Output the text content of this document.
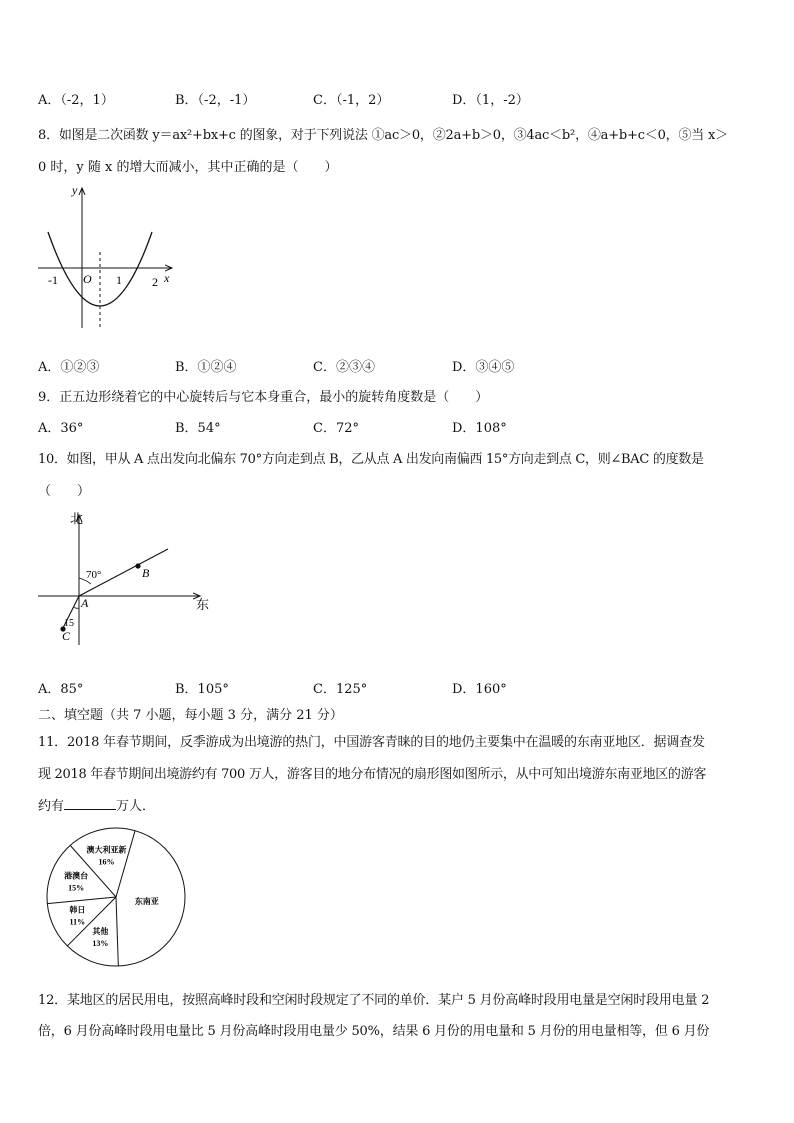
A．（-2，1）	B．（-2，-1）	C．（-1，2）	D．（1，-2）
8．如图是二次函数 y＝ax²+bx+c 的图象，对于下列说法 ①ac＞0，②2a+b＞0，③4ac＜b²，④a+b+c＜0，⑤当 x＞
0 时，y 随 x 的增大而减小，其中正确的是（　　）
y
x
O
-1	1	2
A．①②③	B．①②④	C．②③④	D．③④⑤
9．正五边形绕着它的中心旋转后与它本身重合，最小的旋转角度数是（　　）
A．36°	B．54°	C．72°	D．108°
10．如图，甲从 A 点出发向北偏东 70°方向走到点 B，乙从点 A 出发向南偏西 15°方向走到点 C，则∠BAC 的度数是
（　　）
北
东
A
B
C
70°
15
A．85°	B．105°	C．125°	D．160°
二、填空题（共 7 小题，每小题 3 分，满分 21 分）
11．2018 年春节期间，反季游成为出境游的热门，中国游客青睐的目的地仍主要集中在温暖的东南亚地区．据调查发
现 2018 年春节期间出境游约有 700 万人，游客目的地分布情况的扇形图如图所示，从中可知出境游东南亚地区的游客
约有	万人．
澳大利亚新
16%
港澳台
15%
韩日
11%
其他
13%
东南亚
12．某地区的居民用电，按照高峰时段和空闲时段规定了不同的单价．某户 5 月份高峰时段用电量是空闲时段用电量 2
倍，6 月份高峰时段用电量比 5 月份高峰时段用电量少 50%，结果 6 月份的用电量和 5 月份的用电量相等，但 6 月份
